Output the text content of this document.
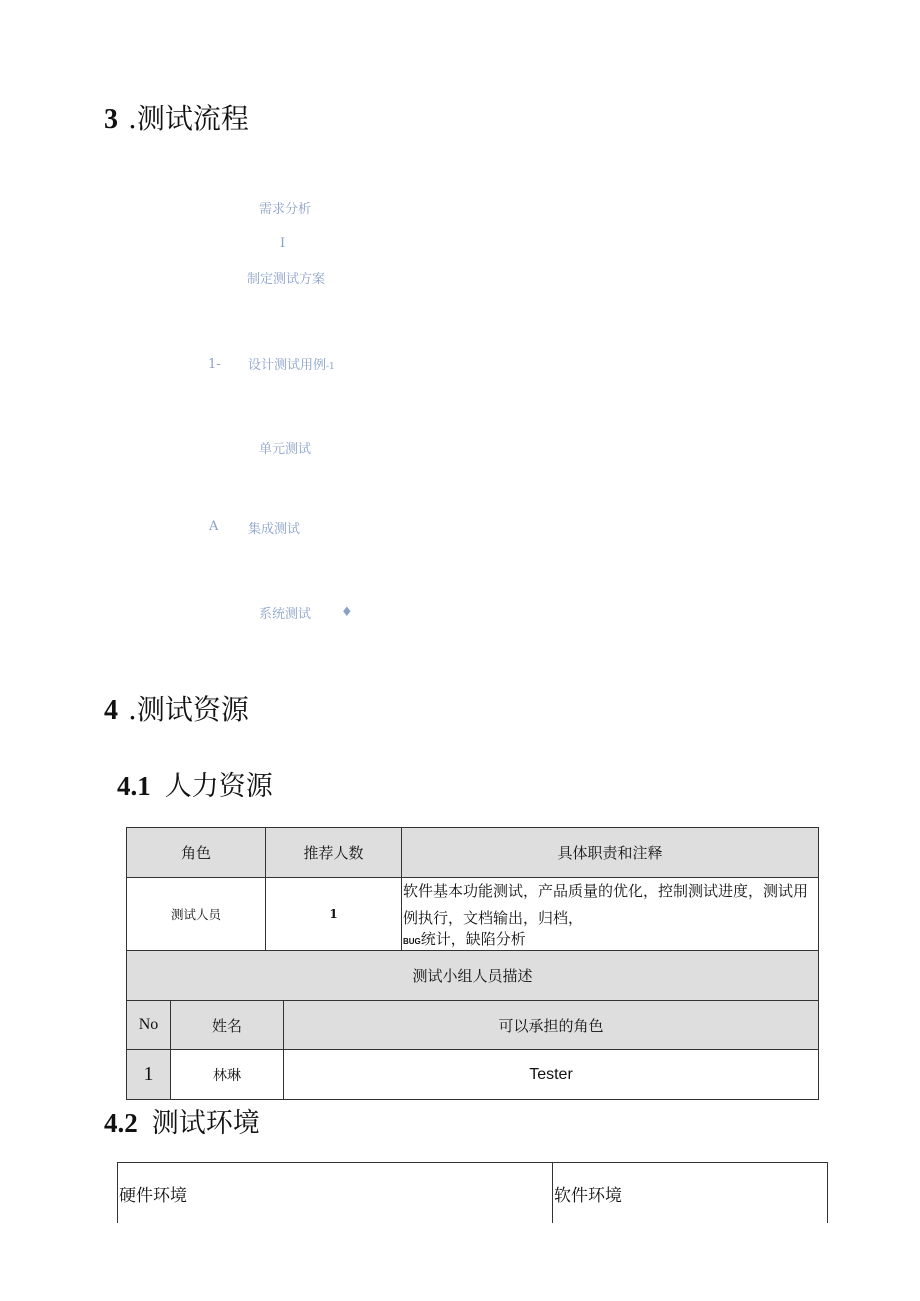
3 .测试流程
需求分析
I
制定测试方案
1- 设计测试用例-1
单元测试
A 集成测试
系统测试 ♦
4 .测试资源
4.1 人力资源
角色	推荐人数	具体职责和注释
测试人员	1	软件基本功能测试，产品质量的优化，控制测试进度，测试用例执行，文档输出，归档，
BUG统计，缺陷分析
测试小组人员描述		
No	姓名	可以承担的角色
1	林琳	Tester
4.2 测试环境
硬件环境	软件环境
